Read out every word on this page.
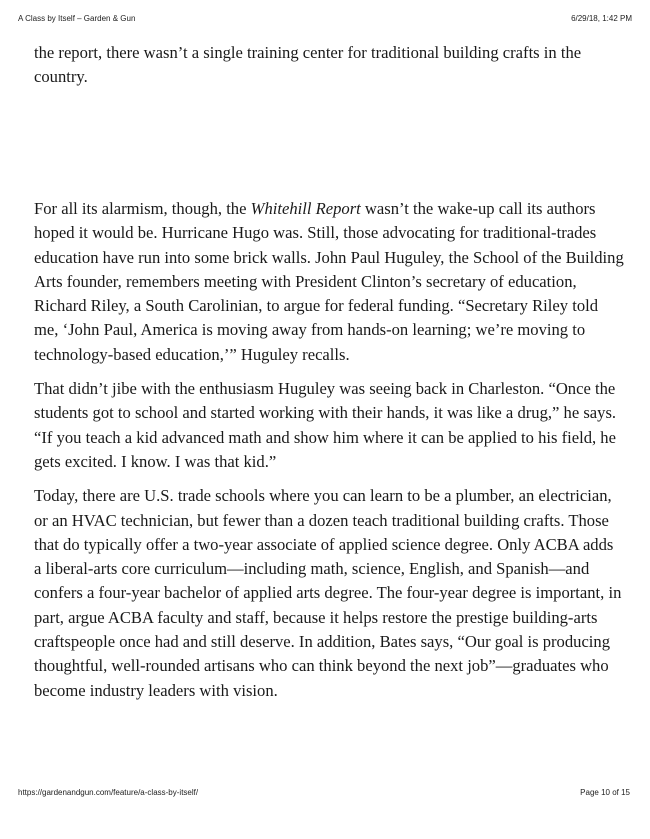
A Class by Itself – Garden & Gun	6/29/18, 1:42 PM

the report, there wasn’t a single training center for traditional building crafts in the country.

For all its alarmism, though, the Whitehill Report wasn’t the wake-up call its authors hoped it would be. Hurricane Hugo was. Still, those advocating for traditional-trades education have run into some brick walls. John Paul Huguley, the School of the Building Arts founder, remembers meeting with President Clinton’s secretary of education, Richard Riley, a South Carolinian, to argue for federal funding. “Secretary Riley told me, ‘John Paul, America is moving away from hands-on learning; we’re moving to technology-based education,’” Huguley recalls.

That didn’t jibe with the enthusiasm Huguley was seeing back in Charleston. “Once the students got to school and started working with their hands, it was like a drug,” he says. “If you teach a kid advanced math and show him where it can be applied to his field, he gets excited. I know. I was that kid.”

Today, there are U.S. trade schools where you can learn to be a plumber, an electrician, or an HVAC technician, but fewer than a dozen teach traditional building crafts. Those that do typically offer a two-year associate of applied science degree. Only ACBA adds a liberal-arts core curriculum—including math, science, English, and Spanish—and confers a four-year bachelor of applied arts degree. The four-year degree is important, in part, argue ACBA faculty and staff, because it helps restore the prestige building-arts craftspeople once had and still deserve. In addition, Bates says, “Our goal is producing thoughtful, well-rounded artisans who can think beyond the next job”—graduates who become industry leaders with vision.

https://gardenandgun.com/feature/a-class-by-itself/	Page 10 of 15
